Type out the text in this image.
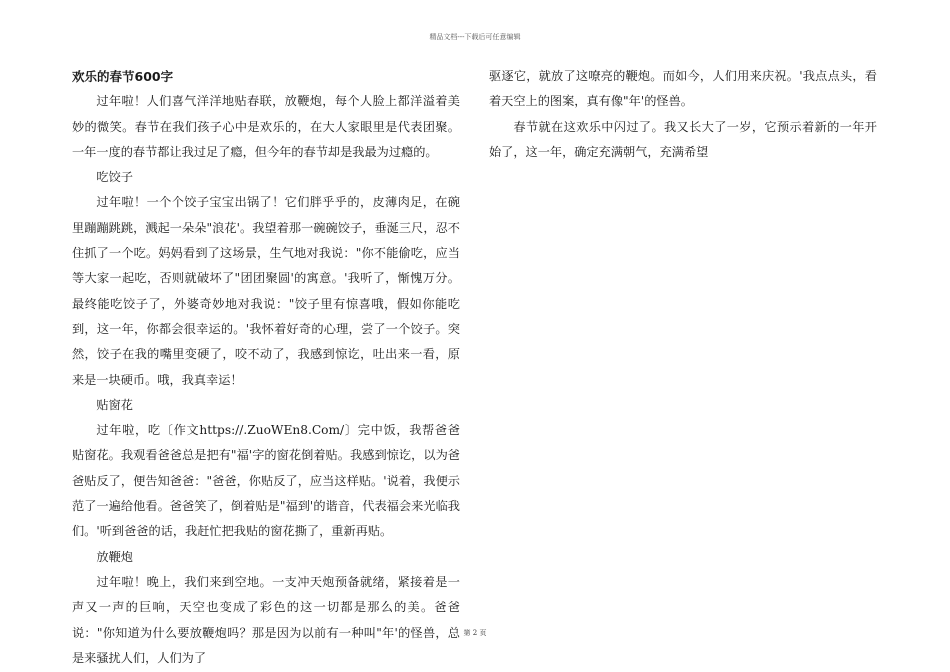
精品文档---下载后可任意编辑
欢乐的春节600字

过年啦！人们喜气洋洋地贴春联，放鞭炮，每个人脸上都洋溢着美妙的微笑。春节在我们孩子心中是欢乐的，在大人家眼里是代表团聚。一年一度的春节都让我过足了瘾，但今年的春节却是我最为过瘾的。

吃饺子

过年啦！一个个饺子宝宝出锅了！它们胖乎乎的，皮薄肉足，在碗里蹦蹦跳跳，溅起一朵朵"浪花'。我望着那一碗碗饺子，垂涎三尺，忍不住抓了一个吃。妈妈看到了这场景，生气地对我说："你不能偷吃，应当等大家一起吃，否则就破坏了"团团聚圆'的寓意。'我听了，惭愧万分。最终能吃饺子了，外婆奇妙地对我说："饺子里有惊喜哦，假如你能吃到，这一年，你都会很幸运的。'我怀着好奇的心理，尝了一个饺子。突然，饺子在我的嘴里变硬了，咬不动了，我感到惊讫，吐出来一看，原来是一块硬币。哦，我真幸运！

贴窗花

过年啦，吃〔作文https://.ZuoWEn8.Com/〕完中饭，我帮爸爸贴窗花。我观看爸爸总是把有"福'字的窗花倒着贴。我感到惊讫，以为爸爸贴反了，便告知爸爸："爸爸，你贴反了，应当这样贴。'说着，我便示范了一遍给他看。爸爸笑了，倒着贴是"福到'的谐音，代表福会来光临我们。'听到爸爸的话，我赶忙把我贴的窗花撕了，重新再贴。

放鞭炮

过年啦！晚上，我们来到空地。一支冲天炮预备就绪，紧接着是一声又一声的巨响，天空也变成了彩色的这一切都是那么的美。爸爸说："你知道为什么要放鞭炮吗？那是因为以前有一种叫"年'的怪兽，总是来骚扰人们，人们为了

驱逐它，就放了这嘹亮的鞭炮。而如今，人们用来庆祝。'我点点头，看着天空上的图案，真有像"年'的怪兽。

春节就在这欢乐中闪过了。我又长大了一岁，它预示着新的一年开始了，这一年，确定充满朝气，充满希望

第 2 页
